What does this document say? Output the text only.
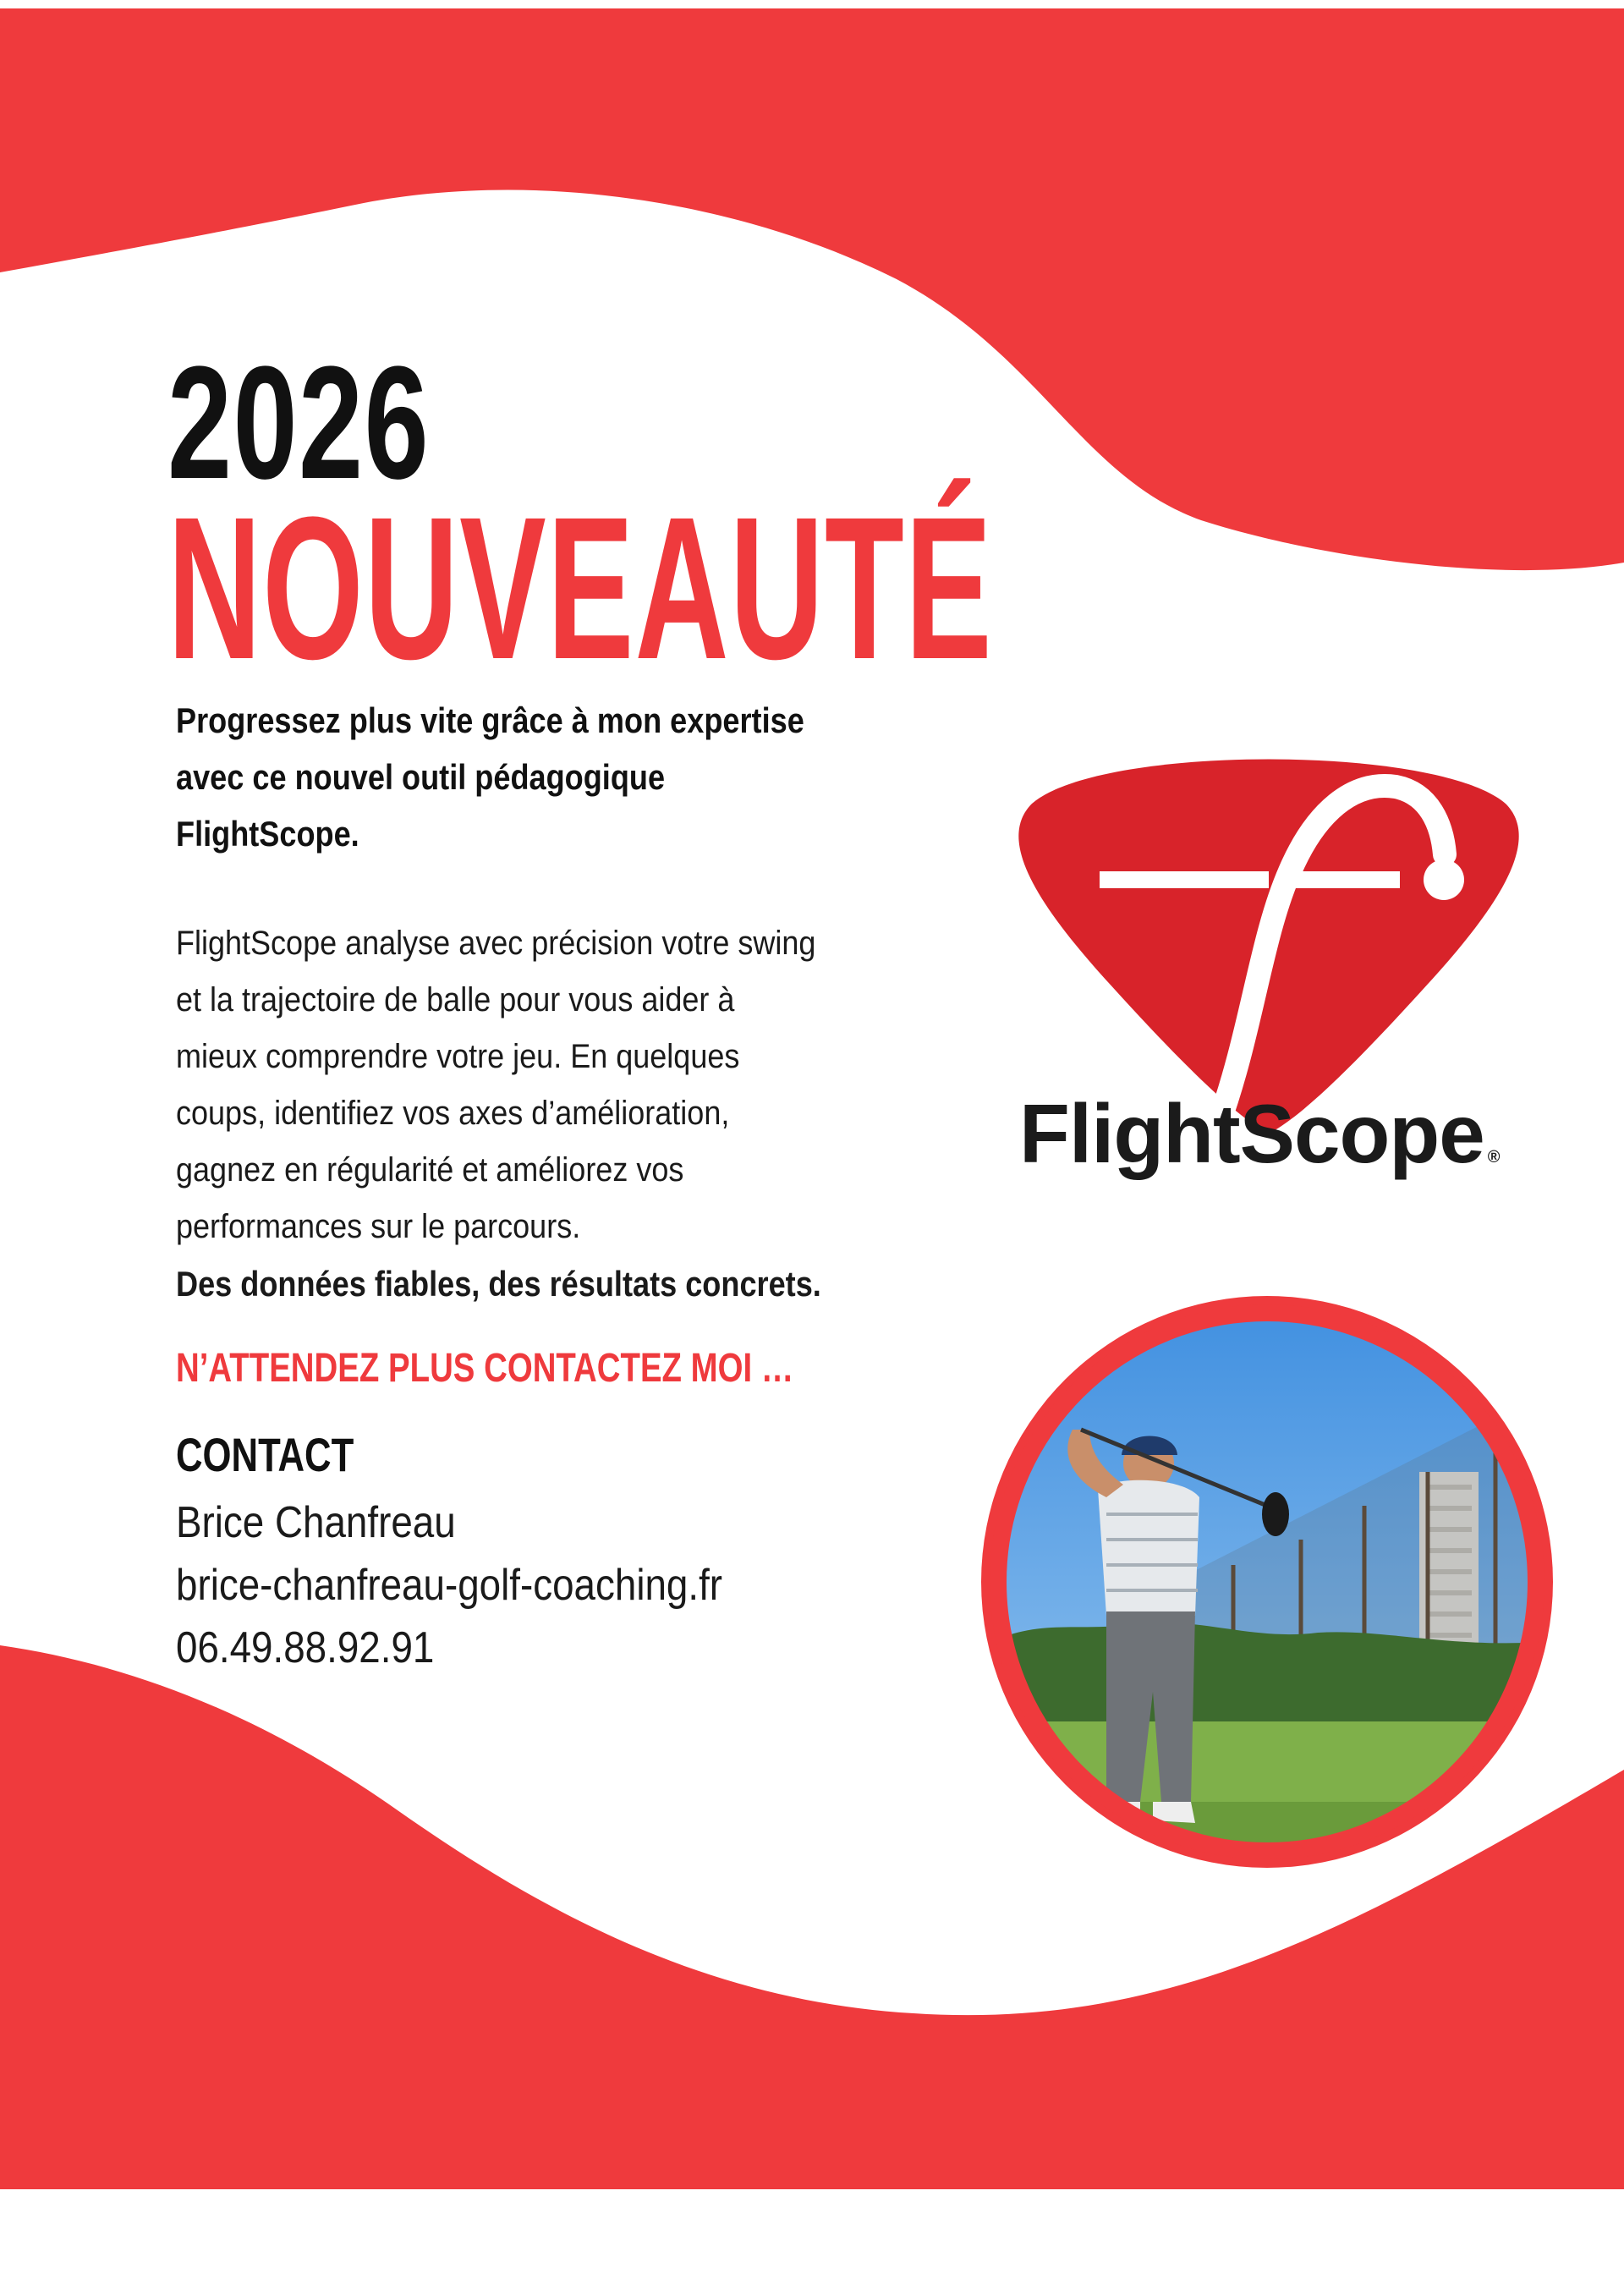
2026
NOUVEAUTÉ
Progressez plus vite grâce à mon expertise
avec ce nouvel outil pédagogique
FlightScope.
FlightScope analyse avec précision votre swing
et la trajectoire de balle pour vous aider à
mieux comprendre votre jeu. En quelques
coups, identifiez vos axes d’amélioration,
gagnez en régularité et améliorez vos
performances sur le parcours.
Des données fiables, des résultats concrets.
N’ATTENDEZ PLUS CONTACTEZ MOI …
CONTACT
Brice Chanfreau
brice-chanfreau-golf-coaching.fr
06.49.88.92.91
FlightScope ®
